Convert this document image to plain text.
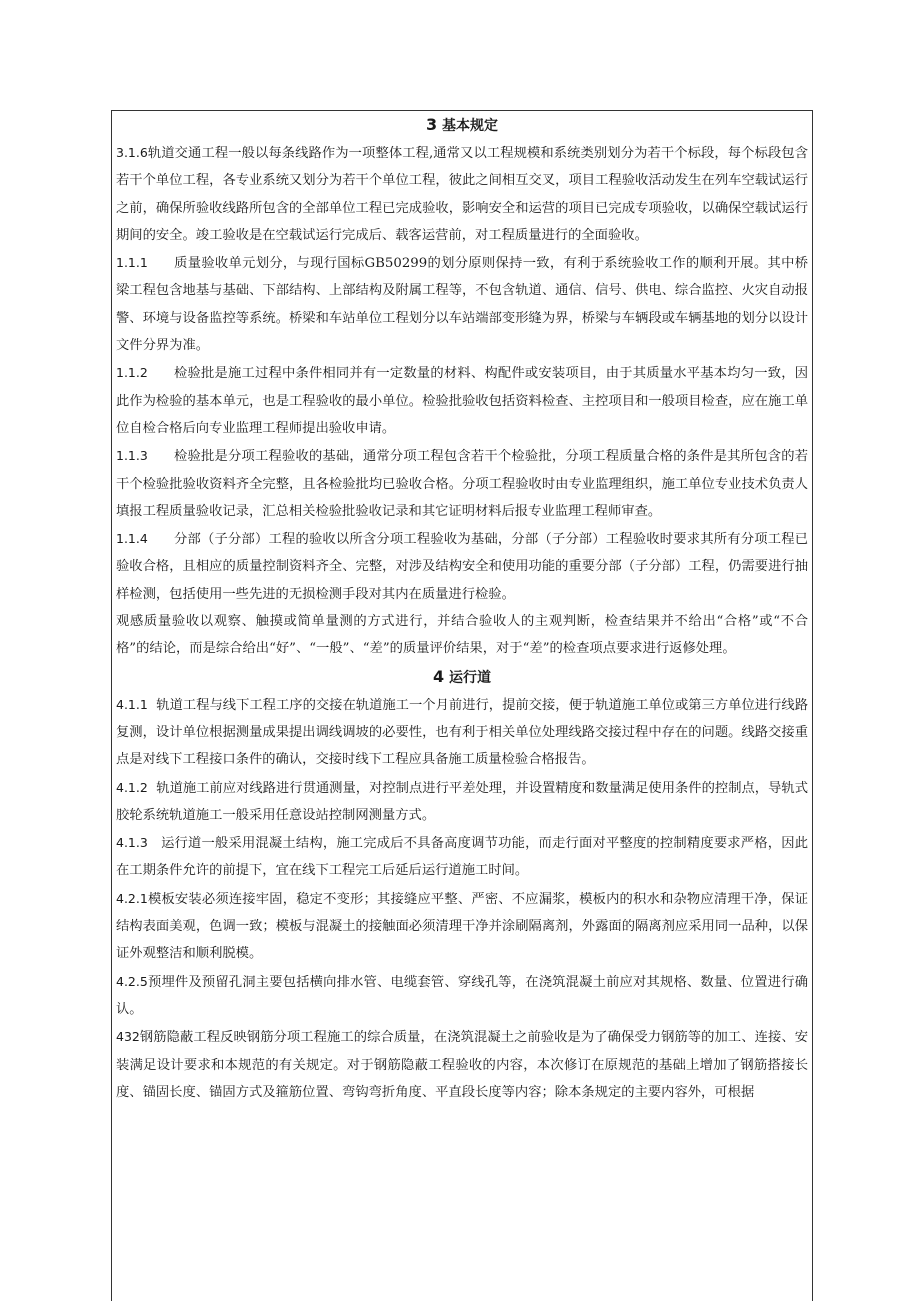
3 基本规定

3.1.6轨道交通工程一般以每条线路作为一项整体工程,通常又以工程规模和系统类别划分为若干个标段，每个标段包含若干个单位工程，各专业系统又划分为若干个单位工程，彼此之间相互交叉，项目工程验收活动发生在列车空载试运行之前，确保所验收线路所包含的全部单位工程已完成验收，影响安全和运营的项目已完成专项验收，以确保空载试运行期间的安全。竣工验收是在空载试运行完成后、载客运营前，对工程质量进行的全面验收。

1.1.1 质量验收单元划分，与现行国标GB50299的划分原则保持一致，有利于系统验收工作的顺利开展。其中桥梁工程包含地基与基础、下部结构、上部结构及附属工程等，不包含轨道、通信、信号、供电、综合监控、火灾自动报警、环境与设备监控等系统。桥梁和车站单位工程划分以车站端部变形缝为界，桥梁与车辆段或车辆基地的划分以设计文件分界为准。

1.1.2 检验批是施工过程中条件相同并有一定数量的材料、构配件或安装项目，由于其质量水平基本均匀一致，因此作为检验的基本单元，也是工程验收的最小单位。检验批验收包括资料检查、主控项目和一般项目检查，应在施工单位自检合格后向专业监理工程师提出验收申请。

1.1.3 检验批是分项工程验收的基础，通常分项工程包含若干个检验批，分项工程质量合格的条件是其所包含的若干个检验批验收资料齐全完整，且各检验批均已验收合格。分项工程验收时由专业监理组织，施工单位专业技术负责人填报工程质量验收记录，汇总相关检验批验收记录和其它证明材料后报专业监理工程师审查。

1.1.4 分部（子分部）工程的验收以所含分项工程验收为基础，分部（子分部）工程验收时要求其所有分项工程已验收合格，且相应的质量控制资料齐全、完整，对涉及结构安全和使用功能的重要分部（子分部）工程，仍需要进行抽样检测，包括使用一些先进的无损检测手段对其内在质量进行检验。

观感质量验收以观察、触摸或简单量测的方式进行，并结合验收人的主观判断，检查结果并不给出“合格”或“不合格”的结论，而是综合给出“好”、“一般”、“差”的质量评价结果，对于“差”的检查项点要求进行返修处理。

4 运行道

4.1.1 轨道工程与线下工程工序的交接在轨道施工一个月前进行，提前交接，便于轨道施工单位或第三方单位进行线路复测，设计单位根据测量成果提出调线调坡的必要性，也有利于相关单位处理线路交接过程中存在的问题。线路交接重点是对线下工程接口条件的确认，交接时线下工程应具备施工质量检验合格报告。

4.1.2 轨道施工前应对线路进行贯通测量，对控制点进行平差处理，并设置精度和数量满足使用条件的控制点，导轨式胶轮系统轨道施工一般采用任意设站控制网测量方式。

4.1.3 运行道一般采用混凝土结构，施工完成后不具备高度调节功能，而走行面对平整度的控制精度要求严格，因此在工期条件允许的前提下，宜在线下工程完工后延后运行道施工时间。

4.2.1模板安装必须连接牢固，稳定不变形；其接缝应平整、严密、不应漏浆，模板内的积水和杂物应清理干净，保证结构表面美观，色调一致；模板与混凝土的接触面必须清理干净并涂刷隔离剂，外露面的隔离剂应采用同一品种，以保证外观整洁和顺利脱模。

4.2.5预埋件及预留孔洞主要包括横向排水管、电缆套管、穿线孔等，在浇筑混凝土前应对其规格、数量、位置进行确认。

432钢筋隐蔽工程反映钢筋分项工程施工的综合质量，在浇筑混凝土之前验收是为了确保受力钢筋等的加工、连接、安装满足设计要求和本规范的有关规定。对于钢筋隐蔽工程验收的内容，本次修订在原规范的基础上增加了钢筋搭接长度、锚固长度、锚固方式及箍筋位置、弯钩弯折角度、平直段长度等内容；除本条规定的主要内容外，可根据
